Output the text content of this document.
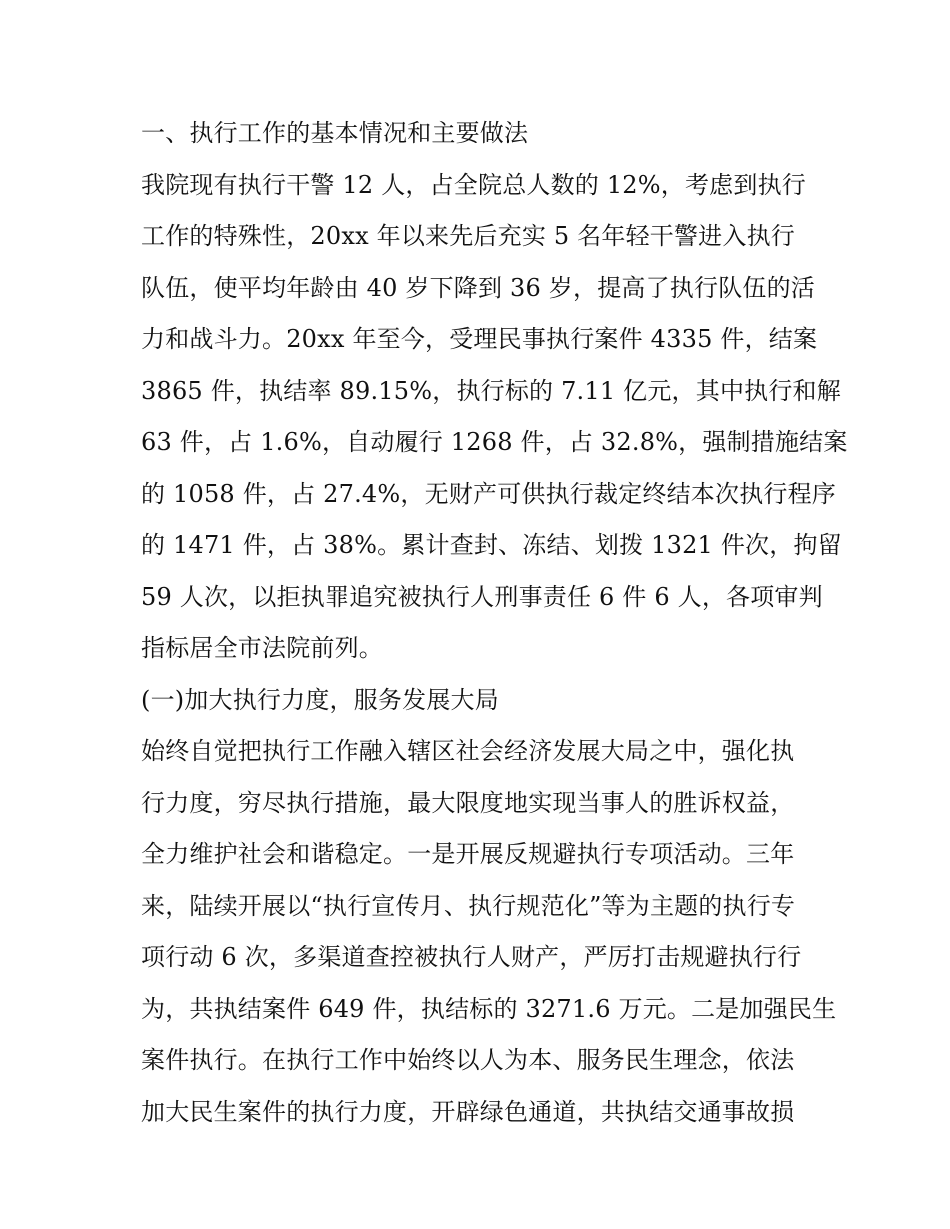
一、执行工作的基本情况和主要做法
我院现有执行干警 12 人，占全院总人数的 12%，考虑到执行
工作的特殊性，20xx 年以来先后充实 5 名年轻干警进入执行
队伍，使平均年龄由 40 岁下降到 36 岁，提高了执行队伍的活
力和战斗力。20xx 年至今，受理民事执行案件 4335 件，结案
3865 件，执结率 89.15%，执行标的 7.11 亿元，其中执行和解
63 件，占 1.6%，自动履行 1268 件，占 32.8%，强制措施结案
的 1058 件，占 27.4%，无财产可供执行裁定终结本次执行程序
的 1471 件，占 38%。累计查封、冻结、划拨 1321 件次，拘留
59 人次，以拒执罪追究被执行人刑事责任 6 件 6 人，各项审判
指标居全市法院前列。
(一)加大执行力度，服务发展大局
始终自觉把执行工作融入辖区社会经济发展大局之中，强化执
行力度，穷尽执行措施，最大限度地实现当事人的胜诉权益，
全力维护社会和谐稳定。一是开展反规避执行专项活动。三年
来，陆续开展以“执行宣传月、执行规范化”等为主题的执行专
项行动 6 次，多渠道查控被执行人财产，严厉打击规避执行行
为，共执结案件 649 件，执结标的 3271.6 万元。二是加强民生
案件执行。在执行工作中始终以人为本、服务民生理念，依法
加大民生案件的执行力度，开辟绿色通道，共执结交通事故损
